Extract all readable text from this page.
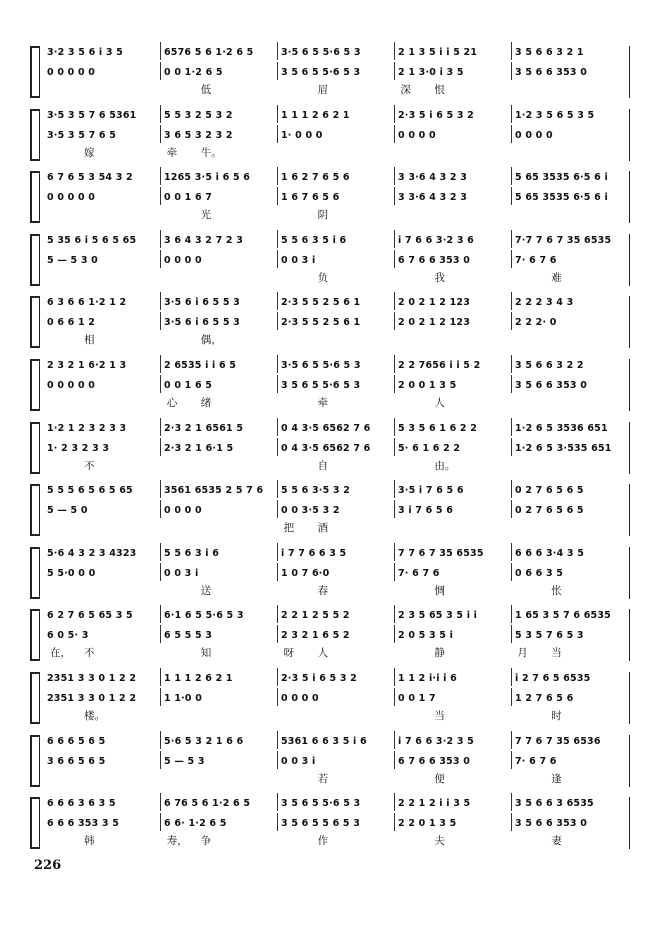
3·2 3 5 6 i 3 5	6576 5 6 1·2 6 5	3·5 6 5 5·6 5 3	2 1 3 5 i i 5 21	3 5 6 6 3 2 1
0 0 0 0 0	0 0 1·2 6 5	3 5 6 5 5·6 5 3	2 1 3·0 i 3 5	3 5 6 6 353 0
低	眉	深 恨
3·5 3 5 7 6 5361	5 5 3 2 5 3 2	1 1 1 2 6 2 1	2·3 5 i 6 5 3 2	1·2 3 5 6 5 3 5
3·5 3 5 7 6 5	3 6 5 3 2 3 2	1· 0 0 0	0 0 0 0	0 0 0 0
嫁	牵 牛。
6 7 6 5 3 54 3 2	1265 3·5 i 6 5 6	1 6 2 7 6 5 6	3 3·6 4 3 2 3	5 65 3535 6·5 6 i
0 0 0 0 0	0 0 1 6 7	1 6 7 6 5 6	3 3·6 4 3 2 3	5 65 3535 6·5 6 i
光	阴
5 35 6 i 5 6 5 65	3 6 4 3 2 7 2 3	5 5 6 3 5 i 6	i 7 6 6 3·2 3 6	7·7 7 6 7 35 6535
5 — 5 3 0	0 0 0 0	0 0 3 i	6 7 6 6 353 0	7· 6 7 6
负	我	难
6 3 6 6 1·2 1 2	3·5 6 i 6 5 5 3	2·3 5 5 2 5 6 1	2 0 2 1 2 123	2 2 2 3 4 3
0 6 6 1 2	3·5 6 i 6 5 5 3	2·3 5 5 2 5 6 1	2 0 2 1 2 123	2 2 2· 0
相	偶，
2 3 2 1 6·2 1 3	2 6535 i i 6 5	3·5 6 5 5·6 5 3	2 2 7656 i i 5 2	3 5 6 6 3 2 2
0 0 0 0 0	0 0 1 6 5	3 5 6 5 5·6 5 3	2 0 0 1 3 5	3 5 6 6 353 0
心 绪	牵	人
1·2 1 2 3 2 3 3	2·3 2 1 6561 5	0 4 3·5 6562 7 6	5 3 5 6 1 6 2 2	1·2 6 5 3536 651
1· 2 3 2 3 3	2·3 2 1 6·1 5	0 4 3·5 6562 7 6	5· 6 1 6 2 2	1·2 6 5 3·535 651
不	自	由。
5 5 5 6 5 6 5 65	3561 6535 2 5 7 6	5 5 6 3·5 3 2	3·5 i 7 6 5 6	0 2 7 6 5 6 5
5 — 5 0	0 0 0 0	0 0 3·5 3 2	3 i 7 6 5 6	0 2 7 6 5 6 5
把 酒
5·6 4 3 2 3 4323	5 5 6 3 i 6	i 7 7 6 6 3 5	7 7 6 7 35 6535	6 6 6 3·4 3 5
5 5·0 0 0	0 0 3 i	1 0 7 6·0	7· 6 7 6	0 6 6 3 5
送	春	惆	怅
6 2 7 6 5 65 3 5	6·1 6 5 5·6 5 3	2 2 1 2 5 5 2	2 3 5 65 3 5 i i	1 65 3 5 7 6 6535
6 0 5· 3	6 5 5 5 3	2 3 2 1 6 5 2	2 0 5 3 5 i	5 3 5 7 6 5 3
在， 不	知	呀 人	静	月 当
2351 3 3 0 1 2 2	1 1 1 2 6 2 1	2·3 5 i 6 5 3 2	1 1 2 i·i i 6	i 2 7 6 5 6535
2351 3 3 0 1 2 2	1 1·0 0	0 0 0 0	0 0 1 7	1 2 7 6 5 6
楼。	当	时
6 6 6 5 6 5	5·6 5 3 2 1 6 6	5361 6 6 3 5 i 6	i 7 6 6 3·2 3 5	7 7 6 7 35 6536
3 6 6 5 6 5	5 — 5 3	0 0 3 i	6 7 6 6 353 0	7· 6 7 6
若	便	逢
6 6 6 3 6 3 5	6 76 5 6 1·2 6 5	3 5 6 5 5·6 5 3	2 2 1 2 i i 3 5	3 5 6 6 3 6535
6 6 6 353 3 5	6 6· 1·2 6 5	3 5 6 5 5 6 5 3	2 2 0 1 3 5	3 5 6 6 353 0
韩	寿， 争	作	夫	妻
226
